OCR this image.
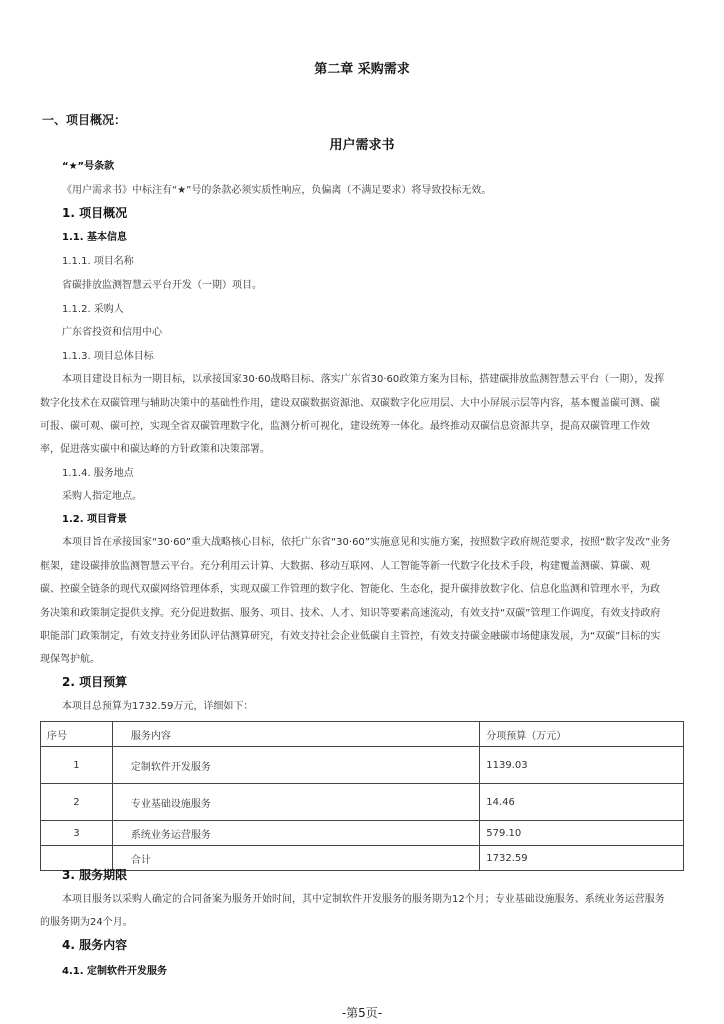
第二章 采购需求
一、项目概况：
用户需求书
“★”号条款
《用户需求书》中标注有“★”号的条款必须实质性响应，负偏离（不满足要求）将导致投标无效。
1. 项目概况
1.1. 基本信息
1.1.1. 项目名称
省碳排放监测智慧云平台开发（一期）项目。
1.1.2. 采购人
广东省投资和信用中心
1.1.3. 项目总体目标
本项目建设目标为一期目标，以承接国家30·60战略目标、落实广东省30·60政策方案为目标，搭建碳排放监测智慧云平台（一期），发挥
数字化技术在双碳管理与辅助决策中的基础性作用，建设双碳数据资源池、双碳数字化应用层、大中小屏展示层等内容，基本覆盖碳可测、碳
可报、碳可观、碳可控，实现全省双碳管理数字化，监测分析可视化，建设统筹一体化。最终推动双碳信息资源共享，提高双碳管理工作效
率，促进落实碳中和碳达峰的方针政策和决策部署。
1.1.4. 服务地点
采购人指定地点。
1.2. 项目背景
本项目旨在承接国家“30·60”重大战略核心目标，依托广东省“30·60”实施意见和实施方案，按照数字政府规范要求，按照“数字发改”业务
框架，建设碳排放监测智慧云平台。充分利用云计算、大数据、移动互联网、人工智能等新一代数字化技术手段，构建覆盖测碳、算碳、观
碳、控碳全链条的现代双碳网络管理体系，实现双碳工作管理的数字化、智能化、生态化，提升碳排放数字化、信息化监测和管理水平，为政
务决策和政策制定提供支撑。充分促进数据、服务、项目、技术、人才、知识等要素高速流动，有效支持“双碳”管理工作调度，有效支持政府
职能部门政策制定，有效支持业务团队评估测算研究，有效支持社会企业低碳自主管控，有效支持碳金融碳市场健康发展，为“双碳”目标的实
现保驾护航。
2. 项目预算
本项目总预算为1732.59万元，详细如下：
序号	服务内容	分项预算（万元）
1	定制软件开发服务	1139.03
2	专业基础设施服务	14.46
3	系统业务运营服务	579.10
	合计	1732.59
3. 服务期限
本项目服务以采购人确定的合同备案为服务开始时间，其中定制软件开发服务的服务期为12个月；专业基础设施服务、系统业务运营服务
的服务期为24个月。
4. 服务内容
4.1. 定制软件开发服务
-第5页-
